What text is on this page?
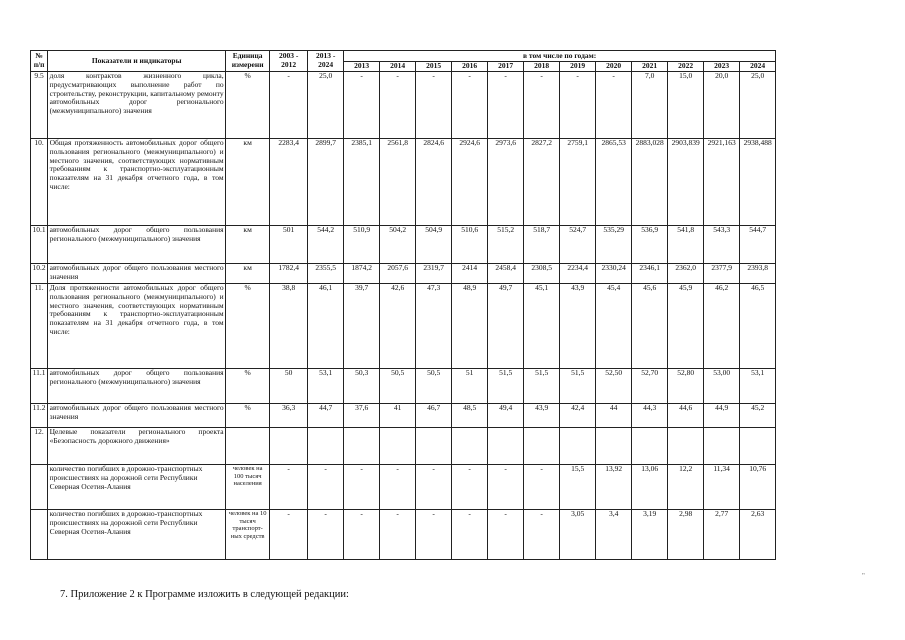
№ п/п	Показатели и индикаторы	Единица измерени	2003 - 2012	2013 - 2024	в том числе по годам:											
					2013	2014	2015	2016	2017	2018	2019	2020	2021	2022	2023	2024
9.5	доля контрактов жизненного цикла, предусматривающих выполнение работ по строительству, реконструкции, капитальному ремонту автомобильных дорог регионального (межмуниципального) значения	%	-	25,0	-	-	-	-	-	-	-	-	7,0	15,0	20,0	25,0
10.	Общая протяженность автомобильных дорог общего пользования регионального (межмуниципального) и местного значения, соответствующих нормативным требованиям к транспортно-эксплуатационным показателям на 31 декабря отчетного года, в том числе:	км	2283,4	2899,7	2385,1	2561,8	2824,6	2924,6	2973,6	2827,2	2759,1	2865,53	2883,028	2903,839	2921,163	2938,488
10.1	автомобильных дорог общего пользования регионального (межмуниципального) значения	км	501	544,2	510,9	504,2	504,9	510,6	515,2	518,7	524,7	535,29	536,9	541,8	543,3	544,7
10.2	автомобильных дорог общего пользования местного значения	км	1782,4	2355,5	1874,2	2057,6	2319,7	2414	2458,4	2308,5	2234,4	2330,24	2346,1	2362,0	2377,9	2393,8
11.	Доля протяженности автомобильных дорог общего пользования регионального (межмуниципального) и местного значения, соответствующих нормативным требованиям к транспортно-эксплуатационным показателям на 31 декабря отчетного года, в том числе:	%	38,8	46,1	39,7	42,6	47,3	48,9	49,7	45,1	43,9	45,4	45,6	45,9	46,2	46,5
11.1	автомобильных дорог общего пользования регионального (межмуниципального) значения	%	50	53,1	50,3	50,5	50,5	51	51,5	51,5	51,5	52,50	52,70	52,80	53,00	53,1
11.2	автомобильных дорог общего пользования местного значения	%	36,3	44,7	37,6	41	46,7	48,5	49,4	43,9	42,4	44	44,3	44,6	44,9	45,2
12.	Целевые показатели регионального проекта «Безопасность дорожного движения»															
	количество погибших в дорожно-транспортных происшествиях на дорожной сети Республики Северная Осетия-Алания	человек на 100 тысяч населения	-	-	-	-	-	-	-	-	15,5	13,92	13,06	12,2	11,34	10,76
	количество погибших в дорожно-транспортных происшествиях на дорожной сети Республики Северная Осетия-Алания	человек на 10 тысяч транспорт-ных средств	-	-	-	-	-	-	-	-	3,05	3,4	3,19	2,98	2,77	2,63
7. Приложение 2 к Программе изложить в следующей редакции:
"
